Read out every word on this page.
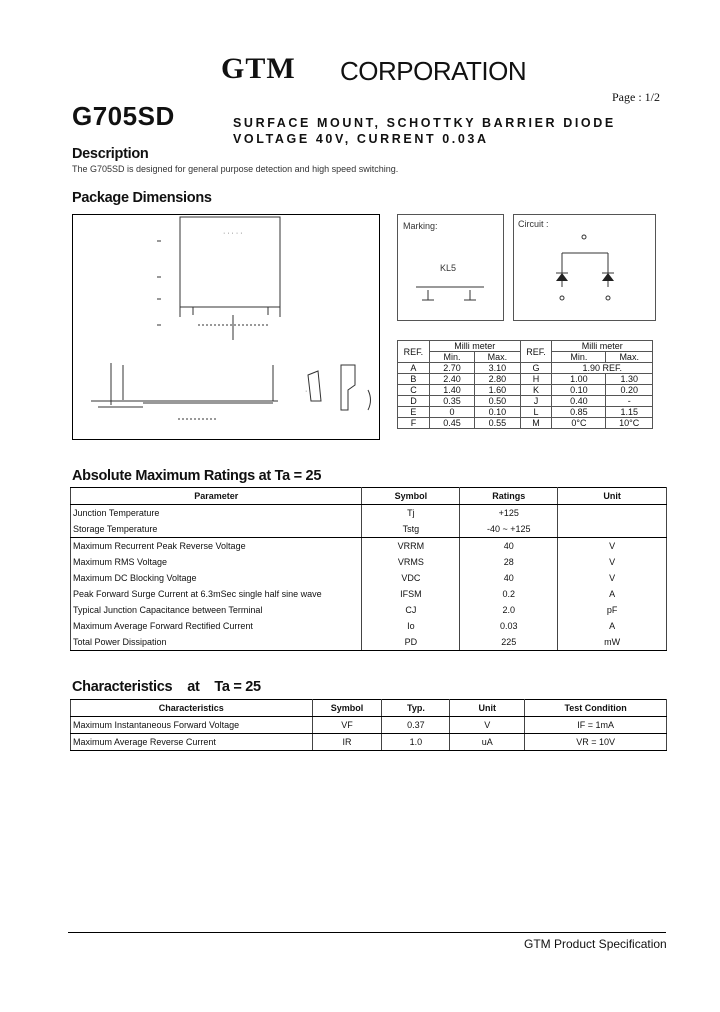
GTM CORPORATION
Page : 1/2
G705SD	SURFACE MOUNT, SCHOTTKY BARRIER DIODE
VOLTAGE 40V, CURRENT 0.03A
Description
The G705SD is designed for general purpose detection and high speed switching.
Package Dimensions
· · · · ·
·
Marking:
KL5
Circuit :
REF.	Milli meter		REF.	Milli meter	
	Min.	Max.		Min.	Max.
A	2.70	3.10	G	1.90 REF.	
B	2.40	2.80	H	1.00	1.30
C	1.40	1.60	K	0.10	0.20
D	0.35	0.50	J	0.40	-
E	0	0.10	L	0.85	1.15
F	0.45	0.55	M	0°C	10°C
Absolute Maximum Ratings at Ta = 25
Parameter	Symbol	Ratings	Unit
Junction Temperature	Tj	+125	
Storage Temperature	Tstg	-40 ~ +125	
Maximum Recurrent Peak Reverse Voltage	VRRM	40	V
Maximum RMS Voltage	VRMS	28	V
Maximum DC Blocking Voltage	VDC	40	V
Peak Forward Surge Current at 6.3mSec single half sine wave	IFSM	0.2	A
Typical Junction Capacitance between Terminal	CJ	2.0	pF
Maximum Average Forward Rectified Current	Io	0.03	A
Total Power Dissipation	PD	225	mW
Characteristics    at    Ta = 25
Characteristics	Symbol	Typ.	Unit	Test Condition
Maximum Instantaneous Forward Voltage	VF	0.37	V	IF = 1mA
Maximum Average Reverse Current	IR	1.0	uA	VR = 10V
GTM Product Specification
